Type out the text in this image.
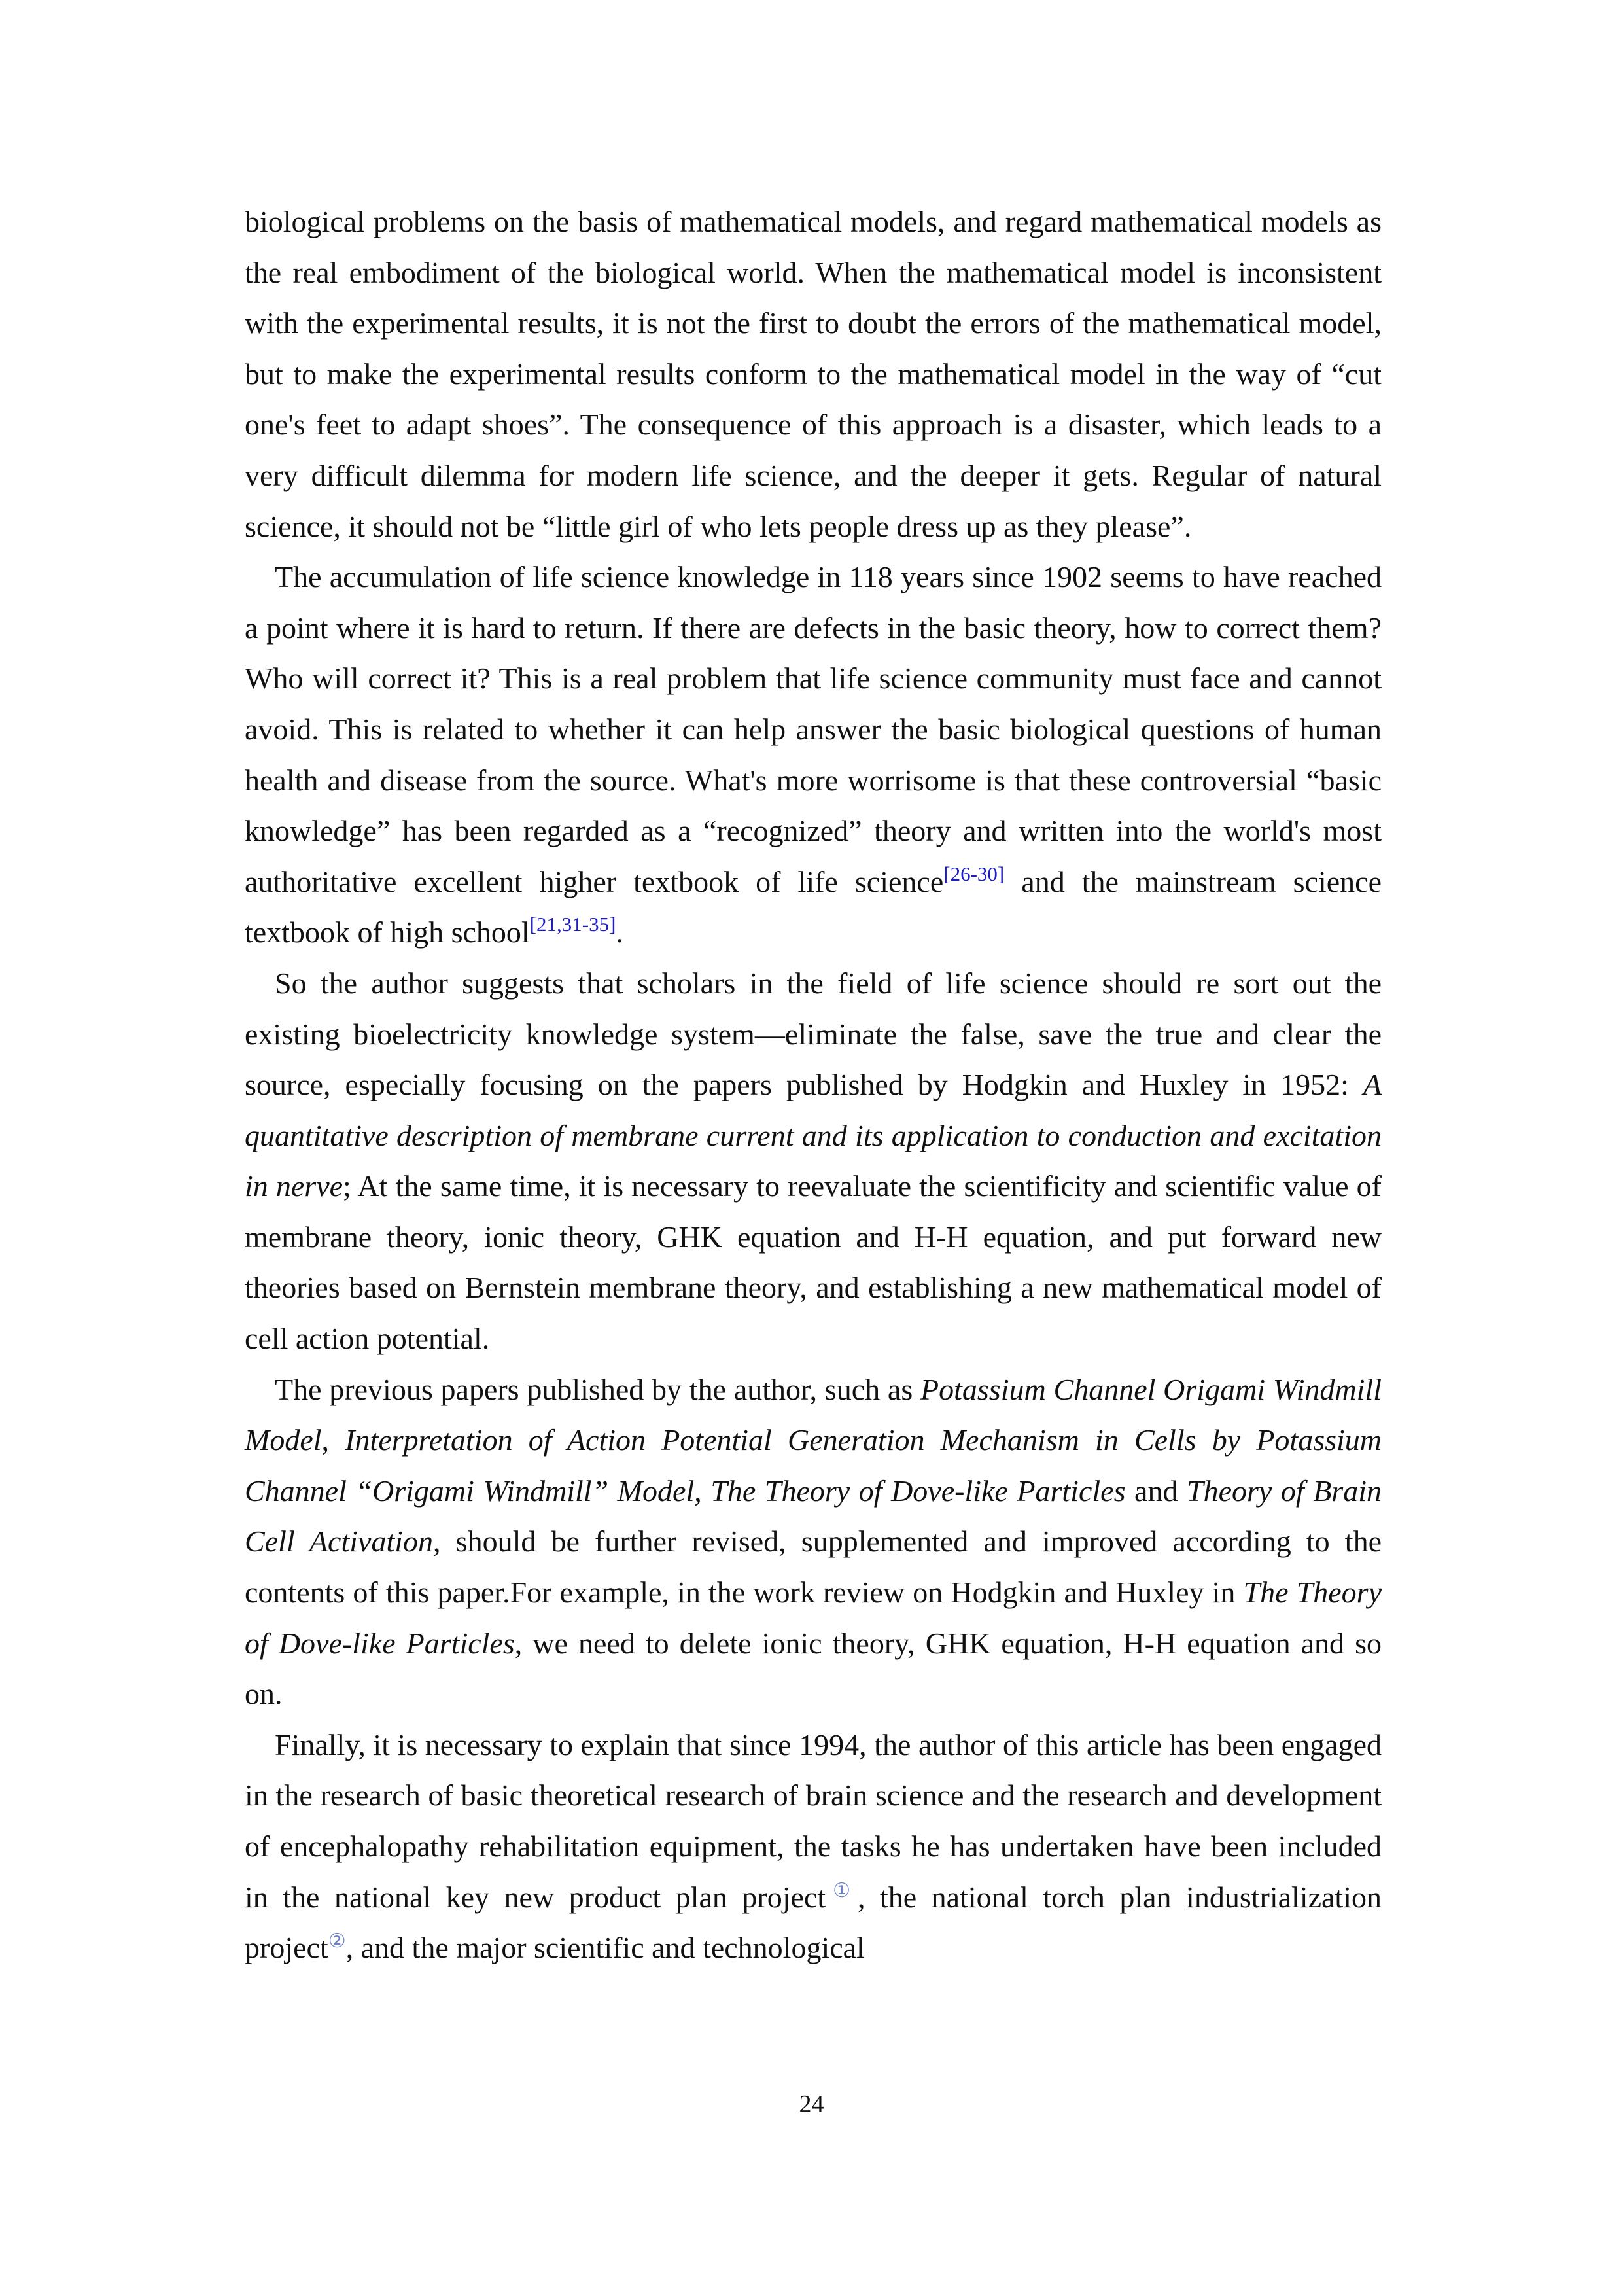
biological problems on the basis of mathematical models, and regard mathematical models as the real embodiment of the biological world. When the mathematical model is inconsistent with the experimental results, it is not the first to doubt the errors of the mathematical model, but to make the experimental results conform to the mathematical model in the way of “cut one's feet to adapt shoes”. The consequence of this approach is a disaster, which leads to a very difficult dilemma for modern life science, and the deeper it gets. Regular of natural science, it should not be “little girl of who lets people dress up as they please”.

The accumulation of life science knowledge in 118 years since 1902 seems to have reached a point where it is hard to return. If there are defects in the basic theory, how to correct them? Who will correct it? This is a real problem that life science community must face and cannot avoid. This is related to whether it can help answer the basic biological questions of human health and disease from the source. What's more worrisome is that these controversial “basic knowledge” has been regarded as a “recognized” theory and written into the world's most authoritative excellent higher textbook of life science[26-30] and the mainstream science textbook of high school[21,31-35].

So the author suggests that scholars in the field of life science should re sort out the existing bioelectricity knowledge system—eliminate the false, save the true and clear the source, especially focusing on the papers published by Hodgkin and Huxley in 1952: A quantitative description of membrane current and its application to conduction and excitation in nerve; At the same time, it is necessary to reevaluate the scientificity and scientific value of membrane theory, ionic theory, GHK equation and H-H equation, and put forward new theories based on Bernstein membrane theory, and establishing a new mathematical model of cell action potential.

The previous papers published by the author, such as Potassium Channel Origami Windmill Model, Interpretation of Action Potential Generation Mechanism in Cells by Potassium Channel “Origami Windmill” Model, The Theory of Dove-like Particles and Theory of Brain Cell Activation, should be further revised, supplemented and improved according to the contents of this paper.For example, in the work review on Hodgkin and Huxley in The Theory of Dove-like Particles, we need to delete ionic theory, GHK equation, H-H equation and so on.

Finally, it is necessary to explain that since 1994, the author of this article has been engaged in the research of basic theoretical research of brain science and the research and development of encephalopathy rehabilitation equipment, the tasks he has undertaken have been included in the national key new product plan project①, the national torch plan industrialization project②, and the major scientific and technological

24
